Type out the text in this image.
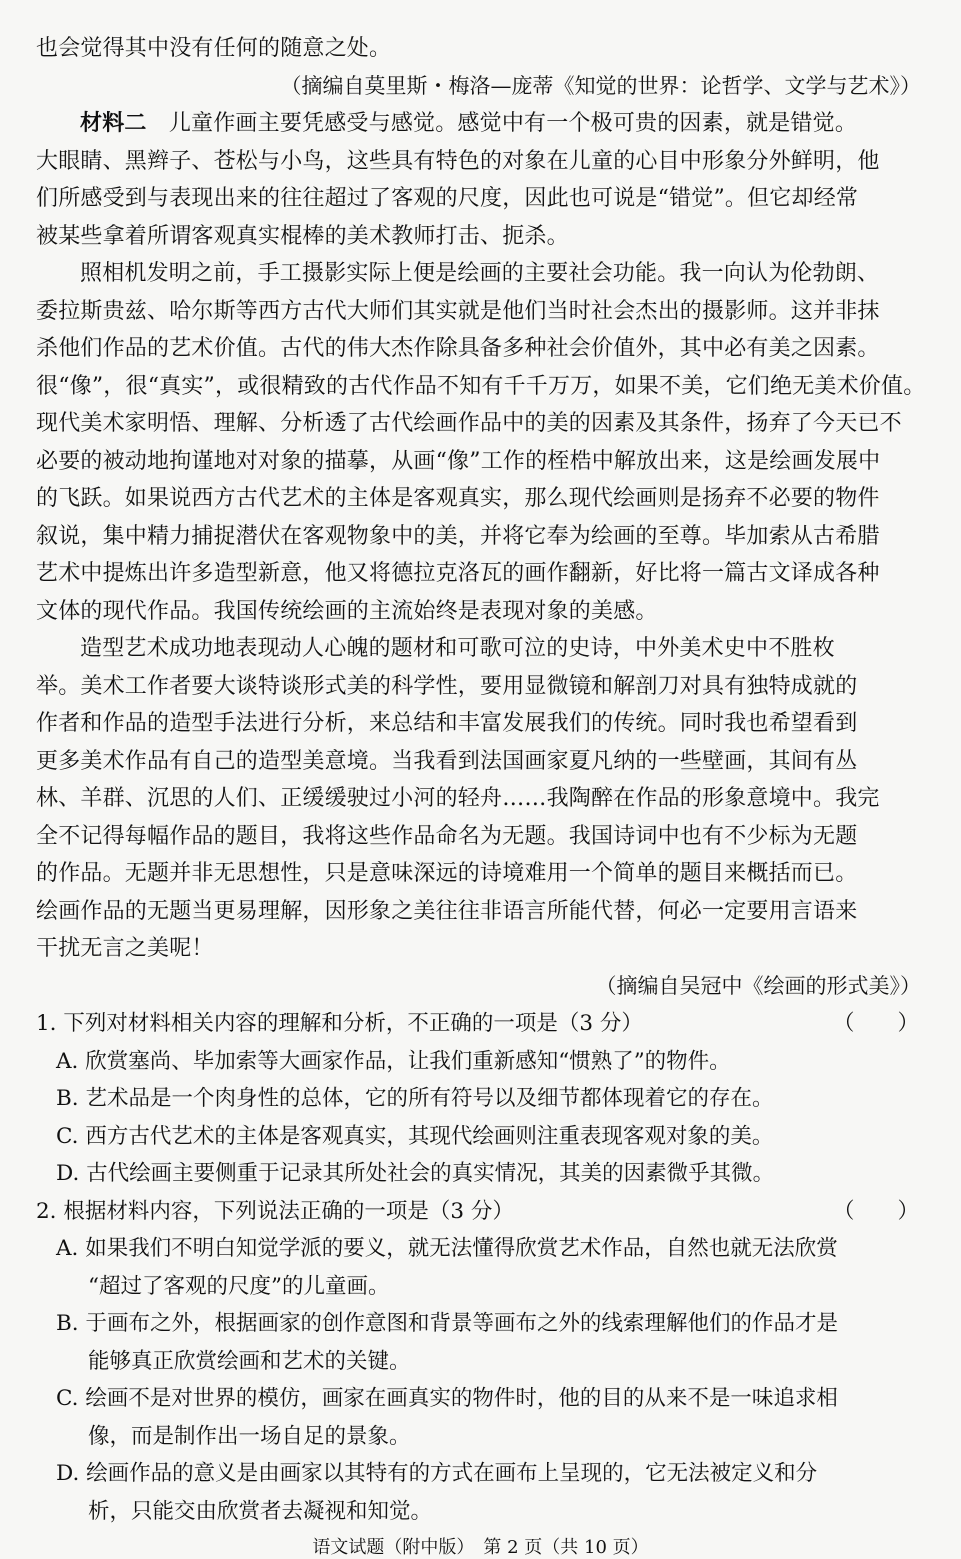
也会觉得其中没有任何的随意之处。
（摘编自莫里斯・梅洛—庞蒂《知觉的世界：论哲学、文学与艺术》）
材料二　 儿童作画主要凭感受与感觉。感觉中有一个极可贵的因素，就是错觉。
大眼睛、黑辫子、苍松与小鸟，这些具有特色的对象在儿童的心目中形象分外鲜明，他
们所感受到与表现出来的往往超过了客观的尺度，因此也可说是“错觉”。但它却经常
被某些拿着所谓客观真实棍棒的美术教师打击、扼杀。
照相机发明之前，手工摄影实际上便是绘画的主要社会功能。我一向认为伦勃朗、
委拉斯贵兹、哈尔斯等西方古代大师们其实就是他们当时社会杰出的摄影师。这并非抹
杀他们作品的艺术价值。古代的伟大杰作除具备多种社会价值外，其中必有美之因素。
很“像”，很“真实”，或很精致的古代作品不知有千千万万，如果不美，它们绝无美术价值。
现代美术家明悟、理解、分析透了古代绘画作品中的美的因素及其条件，扬弃了今天已不
必要的被动地拘谨地对对象的描摹，从画“像”工作的桎梏中解放出来，这是绘画发展中
的飞跃。如果说西方古代艺术的主体是客观真实，那么现代绘画则是扬弃不必要的物件
叙说，集中精力捕捉潜伏在客观物象中的美，并将它奉为绘画的至尊。毕加索从古希腊
艺术中提炼出许多造型新意，他又将德拉克洛瓦的画作翻新，好比将一篇古文译成各种
文体的现代作品。我国传统绘画的主流始终是表现对象的美感。
造型艺术成功地表现动人心魄的题材和可歌可泣的史诗，中外美术史中不胜枚
举。美术工作者要大谈特谈形式美的科学性，要用显微镜和解剖刀对具有独特成就的
作者和作品的造型手法进行分析，来总结和丰富发展我们的传统。同时我也希望看到
更多美术作品有自己的造型美意境。当我看到法国画家夏凡纳的一些壁画，其间有丛
林、羊群、沉思的人们、正缓缓驶过小河的轻舟……我陶醉在作品的形象意境中。我完
全不记得每幅作品的题目，我将这些作品命名为无题。我国诗词中也有不少标为无题
的作品。无题并非无思想性，只是意味深远的诗境难用一个简单的题目来概括而已。
绘画作品的无题当更易理解，因形象之美往往非语言所能代替，何必一定要用言语来
干扰无言之美呢！
（摘编自吴冠中《绘画的形式美》）
1. 下列对材料相关内容的理解和分析，不正确的一项是（3 分）	（　　）
A. 欣赏塞尚、毕加索等大画家作品，让我们重新感知“惯熟了”的物件。
B. 艺术品是一个肉身性的总体，它的所有符号以及细节都体现着它的存在。
C. 西方古代艺术的主体是客观真实，其现代绘画则注重表现客观对象的美。
D. 古代绘画主要侧重于记录其所处社会的真实情况，其美的因素微乎其微。
2. 根据材料内容，下列说法正确的一项是（3 分）	（　　）
A. 如果我们不明白知觉学派的要义，就无法懂得欣赏艺术作品，自然也就无法欣赏
“超过了客观的尺度”的儿童画。
B. 于画布之外，根据画家的创作意图和背景等画布之外的线索理解他们的作品才是
能够真正欣赏绘画和艺术的关键。
C. 绘画不是对世界的模仿，画家在画真实的物件时，他的目的从来不是一味追求相
像，而是制作出一场自足的景象。
D. 绘画作品的意义是由画家以其特有的方式在画布上呈现的，它无法被定义和分
析，只能交由欣赏者去凝视和知觉。
语文试题（附中版）　第 2 页（共 10 页）
